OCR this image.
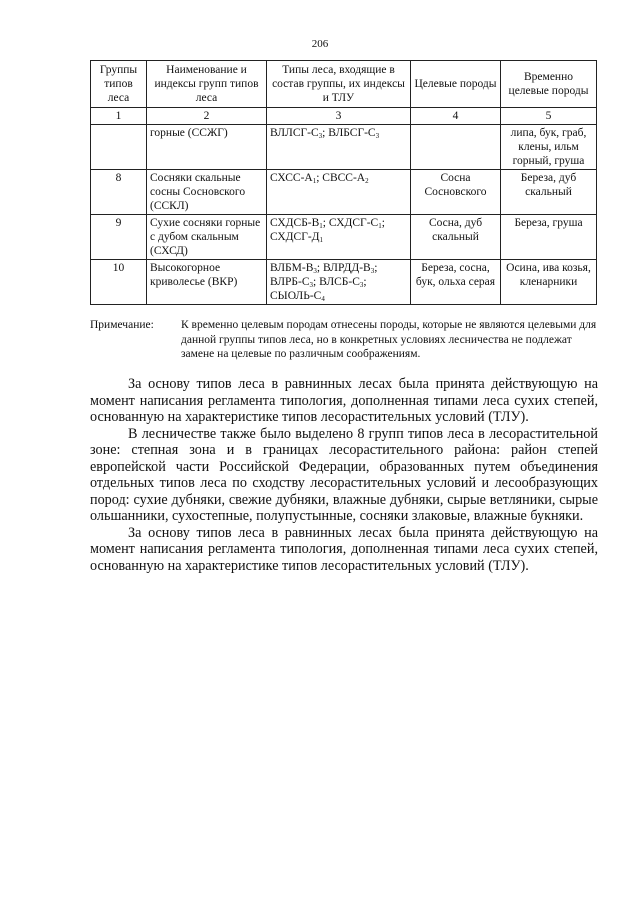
206
Группы типов леса	Наименование и индексы групп типов леса	Типы леса, входящие в состав группы, их индексы и ТЛУ	Целевые породы	Временно целевые породы
1	2	3	4	5
	горные (ССЖГ)	ВЛЛСГ-$С_3$; ВЛБСГ-$С_3$		липа, бук, граб, клены, ильм горный, груша
8	Сосняки скальные сосны Сосновского (ССКЛ)	СХСС-$А_1$; СВСС-$А_2$	Сосна Сосновского	Береза, дуб скальный
9	Сухие сосняки горные с дубом скальным (СХСД)	СХДСБ-$В_1$; СХДСГ-$С_1$; СХДСГ-$Д_1$	Сосна, дуб скальный	Береза, груша
10	Высокогорное криволесье (ВКР)	ВЛБМ-$В_3$; ВЛРДД-$В_3$; ВЛРБ-$С_3$; ВЛСБ-$С_3$; СЫОЛЬ-$С_4$	Береза, сосна, бук, ольха серая	Осина, ива козья, кленарники
Примечание:	К временно целевым породам отнесены породы, которые не являются целевыми для данной группы типов леса, но в конкретных условиях лесничества не подлежат замене на целевые по различным соображениям.

За основу типов леса в равнинных лесах была принята действующую на момент написания регламента типология, дополненная типами леса сухих степей, основанную на характеристике типов лесорастительных условий (ТЛУ).

В лесничестве также было выделено 8 групп типов леса в лесорастительной зоне: степная зона и в границах лесорастительного района: район степей европейской части Российской Федерации, образованных путем объединения отдельных типов леса по сходству лесорастительных условий и лесообразующих пород: сухие дубняки, свежие дубняки, влажные дубняки, сырые ветляники, сырые ольшанники, сухостепные, полупустынные, сосняки злаковые, влажные букняки.

За основу типов леса в равнинных лесах была принята действующую на момент написания регламента типология, дополненная типами леса сухих степей, основанную на характеристике типов лесорастительных условий (ТЛУ).
